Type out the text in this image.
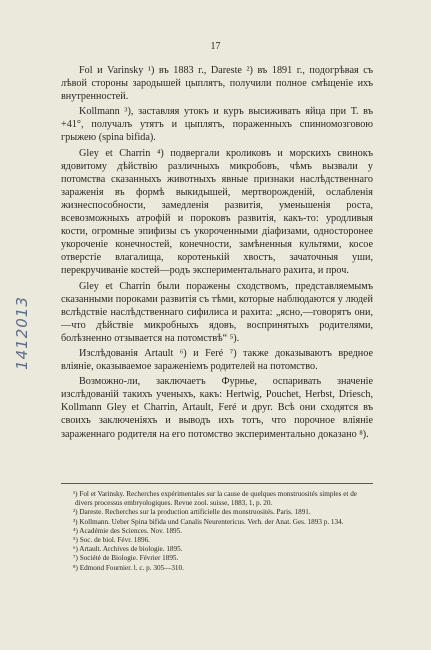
17
1412013

Fol и Varinsky ¹) въ 1883 г., Dareste ²) въ 1891 г., подогрѣвая съ лѣвой стороны зародышей цыплятъ, получили полное смѣщеніе ихъ внутренностей.

Kollmann ³), заставляя утокъ и куръ высиживать яйца при Т. въ +41°, получалъ утятъ и цыплятъ, пораженныхъ спинномозговою грыжею (spina bifida).

Gley et Charrin ⁴) подвергали кроликовъ и морскихъ свинокъ ядовитому дѣйствію различныхъ микробовъ, чѣмъ вызвали у потомства сказанныхъ животныхъ явные признаки наслѣдственнаго зараженія въ формѣ выкидышей, мертворожденій, ослабленія жизнеспособности, замедленія развитія, уменьшенія роста, всевозможныхъ атрофій и пороковъ развитія, какъ-то: уродливыя кости, огромные эпифизы съ укороченными діафизами, односторонее укороченіе конечностей, конечности, замѣненныя культями, косое отверстіе влагалища, коротенькій хвостъ, зачаточныя уши, перекручиваніе костей—родъ экспериментальнаго рахита, и проч.

Gley et Charrin были поражены сходствомъ, представляемымъ сказанными пороками развитія съ тѣми, которые наблюдаются у людей вслѣдствіе наслѣдственнаго сифилиса и рахита: „ясно,—говорятъ они,—что дѣйствіе микробныхъ ядовъ, воспринятыхъ родителями, болѣзненно отзывается на потомствѣ“ ⁵).

Изслѣдованія Artault ⁶) и Feré ⁷) также доказываютъ вредное вліяніе, оказываемое зараженіемъ родителей на потомство.

Возможно-ли, заключаетъ Фурнье, оспаривать значеніе изслѣдованій такихъ ученыхъ, какъ: Hertwig, Pouchet, Herbst, Driesch, Kollmann Gley et Charrin, Artault, Feré и друг. Всѣ они сходятся въ своихъ заключеніяхъ и выводъ ихъ тотъ, что порочное вліяніе зараженнаго родителя на его потомство экспериментально доказано ⁸).

¹) Fol et Varinsky. Recherches expérimentales sur la cause de quelques monstruosités simples et de divers processus embryologiques. Revue zool. suisse, 1883, 1, p. 20.
²) Dareste. Recherches sur la production artificielle des monstruosités. Paris. 1891.
³) Kollmann. Ueber Spina bifida und Canalis Neurentericus. Verh. der Anat. Ges. 1893 p. 134.
⁴) Académie des Sciences. Nov. 1895.
⁵) Soc. de biol. Févr. 1896.
⁶) Artault. Archives de biologie. 1895.
⁷) Société de Biologie. Février 1895.
⁸) Edmond Fournier. l. c. p. 305—310.
